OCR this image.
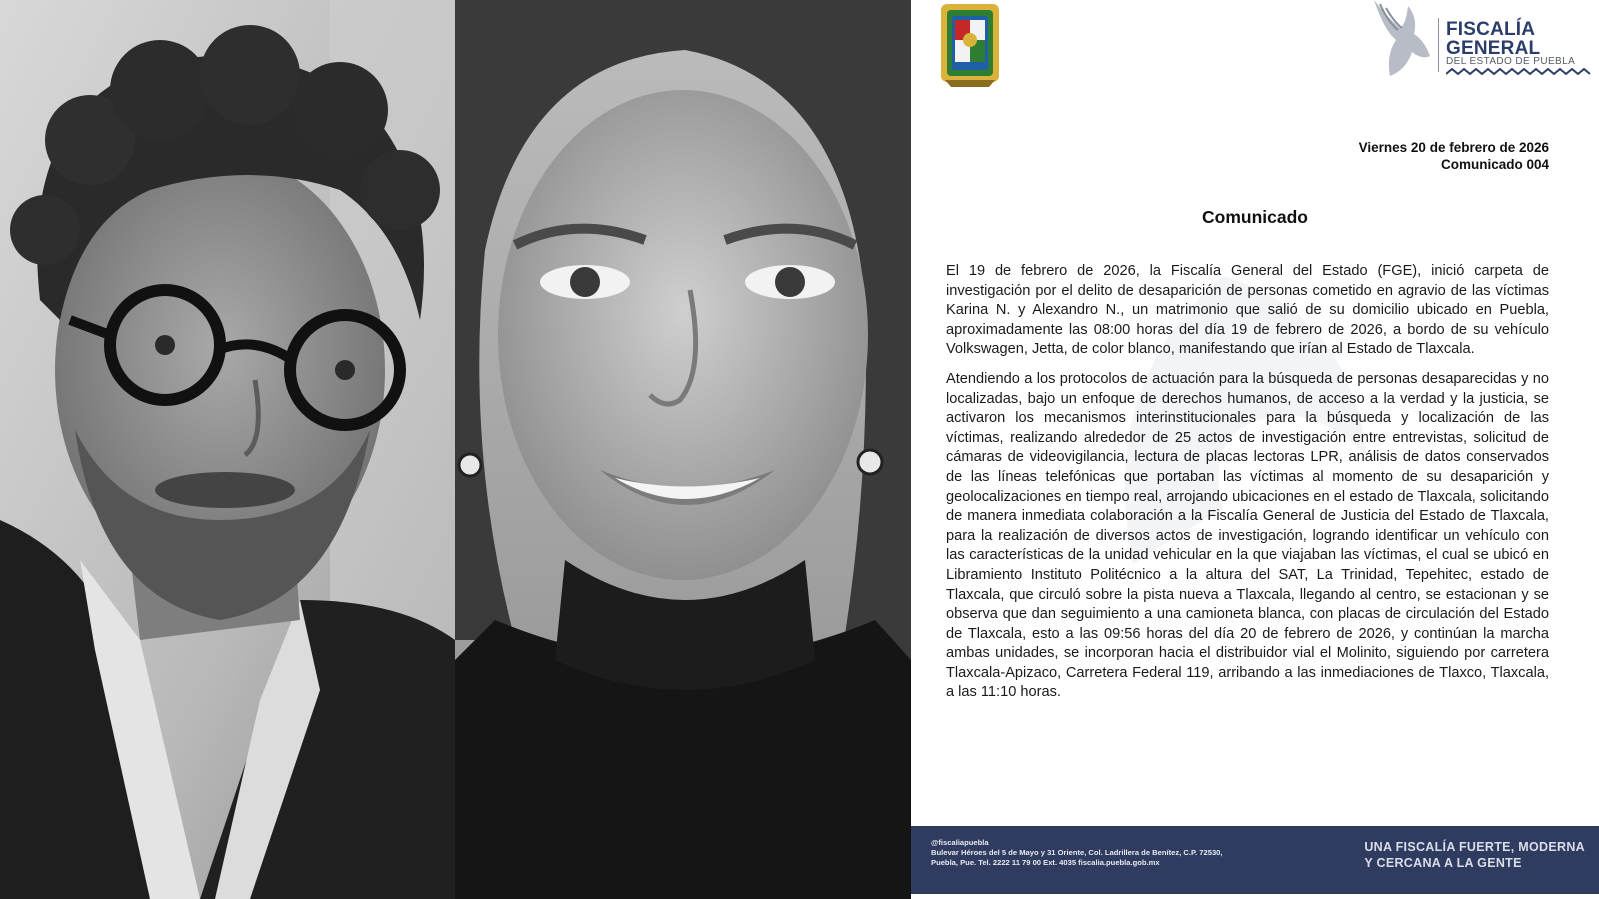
FISCALÍA
GENERAL
DEL ESTADO DE PUEBLA
Viernes 20 de febrero de 2026
Comunicado 004
Comunicado

El 19 de febrero de 2026, la Fiscalía General del Estado (FGE), inició carpeta de investigación por el delito de desaparición de personas cometido en agravio de las víctimas Karina N. y Alexandro N., un matrimonio que salió de su domicilio ubicado en Puebla, aproximadamente las 08:00 horas del día 19 de febrero de 2026, a bordo de su vehículo Volkswagen, Jetta, de color blanco, manifestando que irían al Estado de Tlaxcala.

Atendiendo a los protocolos de actuación para la búsqueda de personas desaparecidas y no localizadas, bajo un enfoque de derechos humanos, de acceso a la verdad y la justicia, se activaron los mecanismos interinstitucionales para la búsqueda y localización de las víctimas, realizando alrededor de 25 actos de investigación entre entrevistas, solicitud de cámaras de videovigilancia, lectura de placas lectoras LPR, análisis de datos conservados de las líneas telefónicas que portaban las víctimas al momento de su desaparición y geolocalizaciones en tiempo real, arrojando ubicaciones en el estado de Tlaxcala, solicitando de manera inmediata colaboración a la Fiscalía General de Justicia del Estado de Tlaxcala, para la realización de diversos actos de investigación, logrando identificar un vehículo con las características de la unidad vehicular en la que viajaban las víctimas, el cual se ubicó en Libramiento Instituto Politécnico a la altura del SAT, La Trinidad, Tepehitec, estado de Tlaxcala, que circuló sobre la pista nueva a Tlaxcala, llegando al centro, se estacionan y se observa que dan seguimiento a una camioneta blanca, con placas de circulación del Estado de Tlaxcala, esto a las 09:56 horas del día 20 de febrero de 2026, y continúan la marcha ambas unidades, se incorporan hacia el distribuidor vial el Molinito, siguiendo por carretera Tlaxcala-Apizaco, Carretera Federal 119, arribando a las inmediaciones de Tlaxco, Tlaxcala, a las 11:10 horas.

@fiscaliapuebla
Bulevar Héroes del 5 de Mayo y 31 Oriente, Col. Ladrillera de Benítez, C.P. 72530,
Puebla, Pue. Tel. 2222 11 79 00 Ext. 4035 fiscalia.puebla.gob.mx
UNA FISCALÍA FUERTE, MODERNA
Y CERCANA A LA GENTE
